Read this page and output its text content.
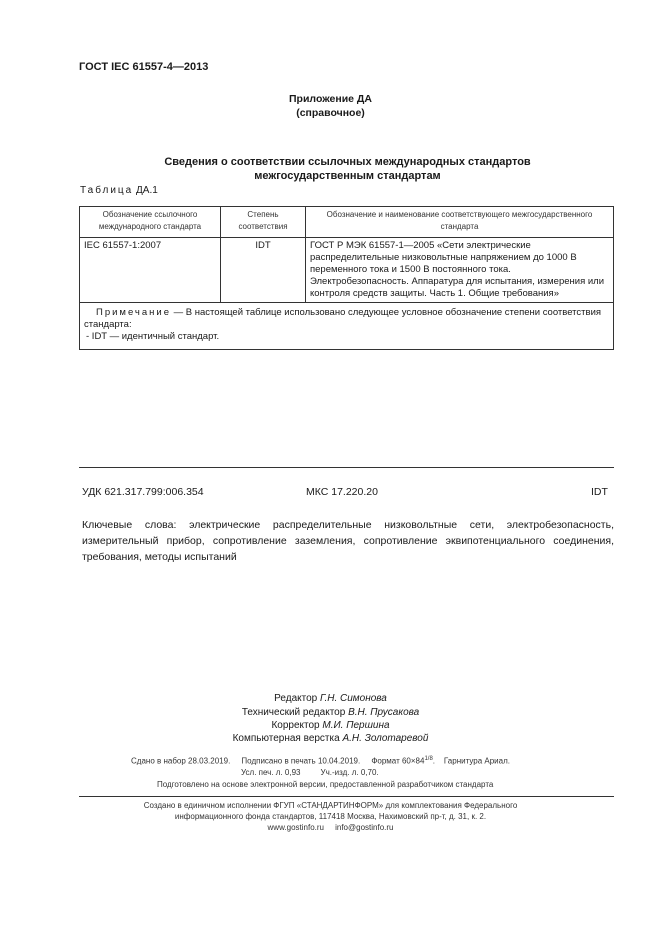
ГОСТ IEC 61557-4—2013
Приложение ДА
(справочное)
Сведения о соответствии ссылочных международных стандартов
межгосударственным стандартам
Таблица ДА.1
Обозначение ссылочного международного стандарта	Степень соответствия	Обозначение и наименование соответствующего межгосударственного стандарта
IEC 61557-1:2007	IDT	ГОСТ Р МЭК 61557-1—2005 «Сети электрические распределительные низковольтные напряжением до 1000 В переменного тока и 1500 В постоянного тока. Электробезопасность. Аппаратура для испытания, измерения или контроля средств защиты. Часть 1. Общие требования»

Примечание — В настоящей таблице использовано следующее условное обозначение степени соответствия стандарта:
- IDT — идентичный стандарт.		
УДК 621.317.799:006.354	МКС 17.220.20	IDT
Ключевые слова: электрические распределительные низковольтные сети, электробезопасность, измерительный прибор, сопротивление заземления, сопротивление эквипотенциального соединения, требования, методы испытаний
Редактор Г.Н. Симонова
Технический редактор В.Н. Прусакова
Корректор М.И. Першина
Компьютерная верстка А.Н. Золотаревой
Сдано в набор 28.03.2019. Подписано в печать 10.04.2019. Формат $60\times 84^{1/8}$.    Гарнитура Ариал.
Усл. печ. л. 0,93	Уч.-изд. л. 0,70.
Подготовлено на основе электронной версии, предоставленной разработчиком стандарта
Создано в единичном исполнении ФГУП «СТАНДАРТИНФОРМ» для комплектования Федерального
информационного фонда стандартов, 117418 Москва, Нахимовский пр-т, д. 31, к. 2.
www.gostinfo.ru info@gostinfo.ru
